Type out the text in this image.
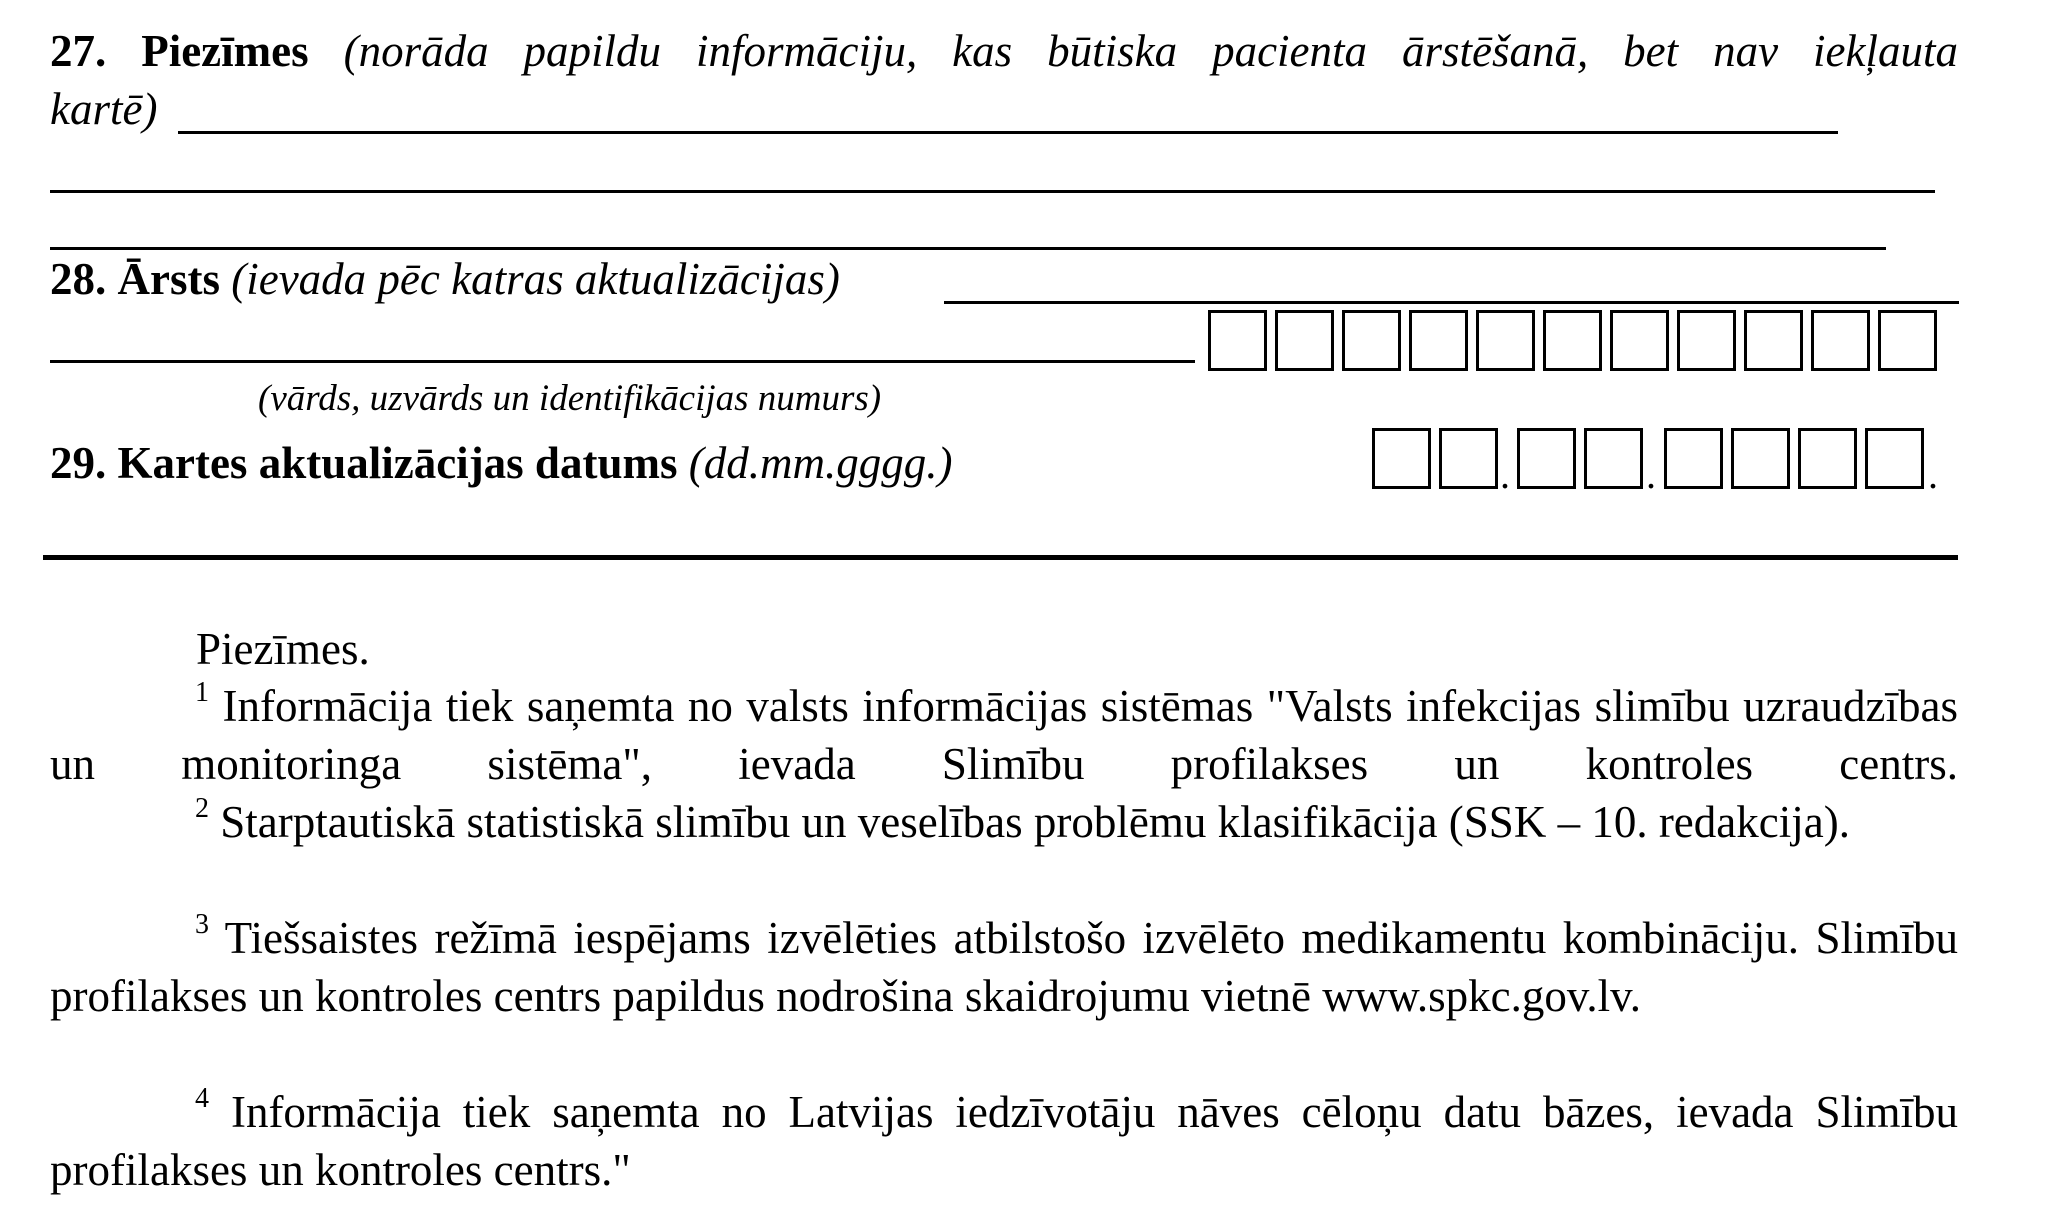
27. Piezīmes (norāda papildu informāciju, kas būtiska pacienta ārstēšanā, bet nav iekļauta
kartē)
28. Ārsts (ievada pēc katras aktualizācijas)
(vārds, uzvārds un identifikācijas numurs)
29. Kartes aktualizācijas datums (dd.mm.gggg.)	.	.	.
Piezīmes.
$^1$ Informācija tiek saņemta no valsts informācijas sistēmas "Valsts infekcijas slimību uzraudzības un monitoringa sistēma", ievada Slimību profilakses un kontroles centrs.
$^2$ Starptautiskā statistiskā slimību un veselības problēmu klasifikācija (SSK – 10. redakcija).
$^3$ Tiešsaistes režīmā iespējams izvēlēties atbilstošo izvēlēto medikamentu kombināciju. Slimību profilakses un kontroles centrs papildus nodrošina skaidrojumu vietnē www.spkc.gov.lv.
$^4$ Informācija tiek saņemta no Latvijas iedzīvotāju nāves cēloņu datu bāzes, ievada Slimību profilakses un kontroles centrs."
